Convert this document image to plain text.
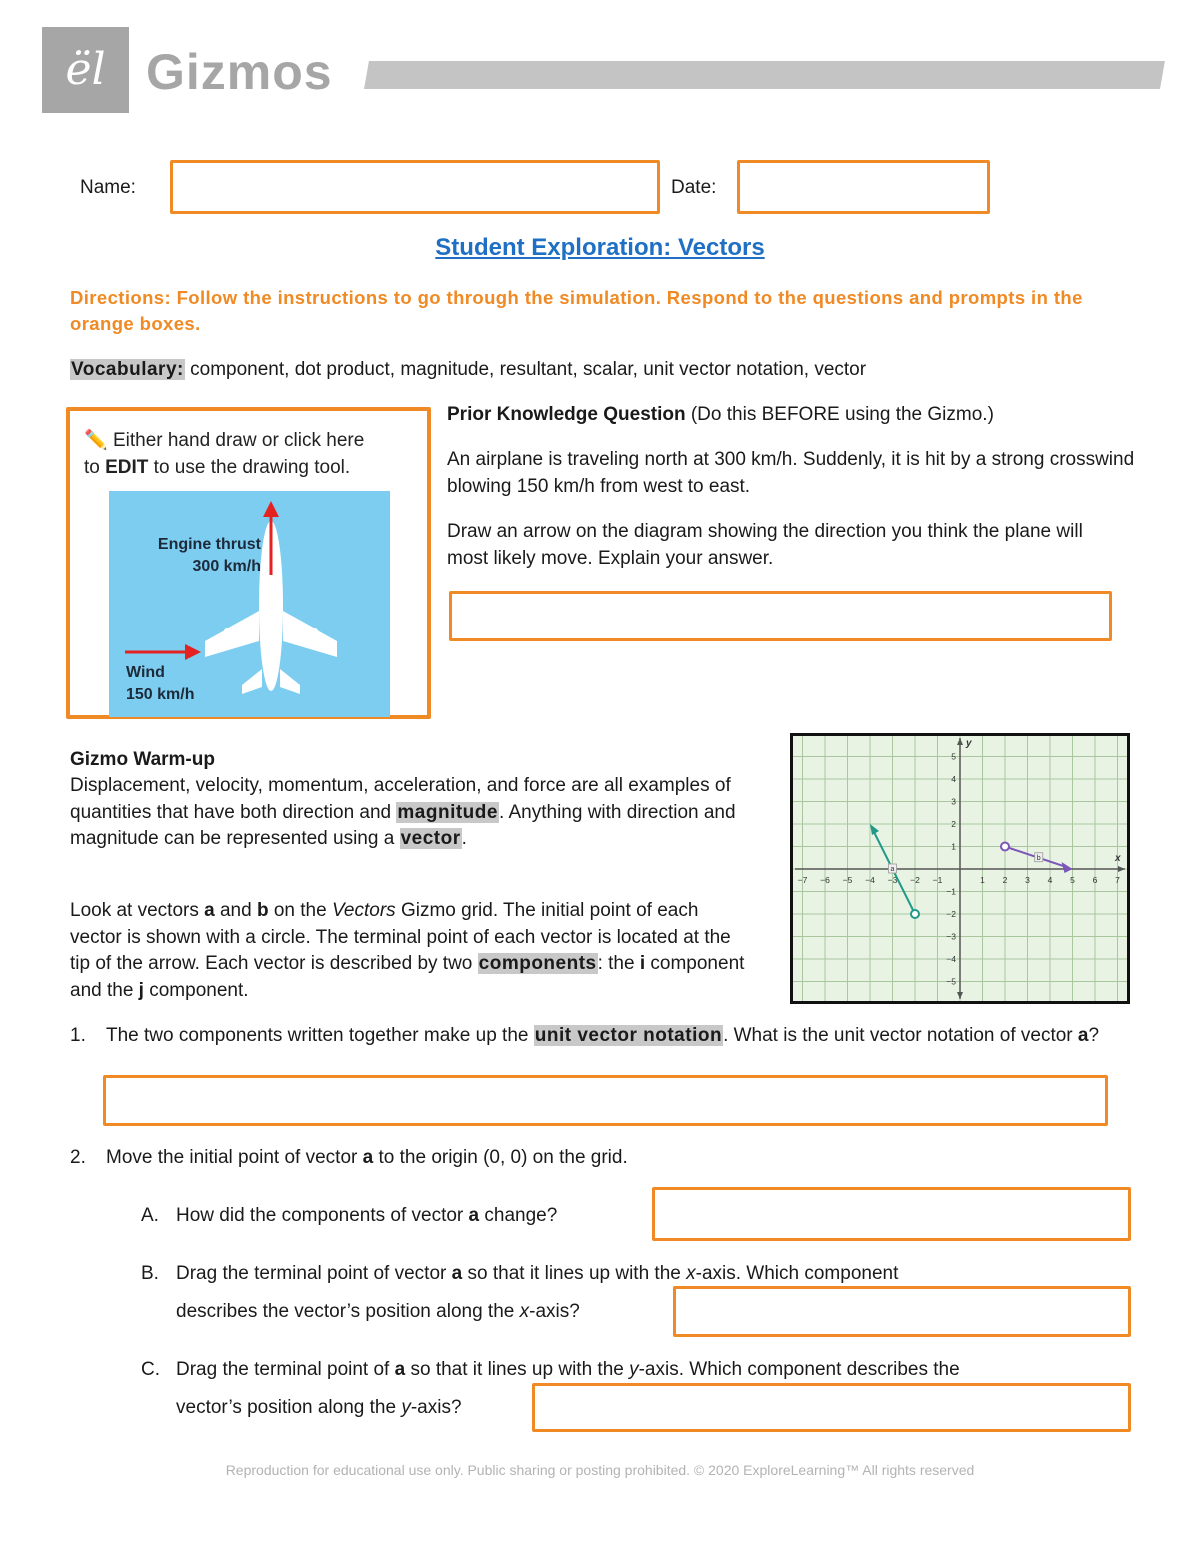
ël Gizmos
Name:	Date:
Student Exploration: Vectors
Directions: Follow the instructions to go through the simulation. Respond to the questions and prompts in the orange boxes.
Vocabulary: component, dot product, magnitude, resultant, scalar, unit vector notation, vector
✏️ Either hand draw or click here
to EDIT to use the drawing tool.
Engine thrust
300 km/h
Wind
150 km/h
Prior Knowledge Question (Do this BEFORE using the Gizmo.)
An airplane is traveling north at 300 km/h. Suddenly, it is hit by a strong crosswind blowing 150 km/h from west to east.
Draw an arrow on the diagram showing the direction you think the plane will most likely move. Explain your answer.
Gizmo Warm-up
Displacement, velocity, momentum, acceleration, and force are all examples of quantities that have both direction and magnitude. Anything with direction and magnitude can be represented using a vector.
Look at vectors a and b on the Vectors Gizmo grid. The initial point of each vector is shown with a circle. The terminal point of each vector is located at the tip of the arrow. Each vector is described by two components: the i component and the j component.
x
y
−7 −6 −5 −4 −3 −2 −1	1 2 3 4 5 6 7
5
4
3
2
1
−1
−2
−3
−4
−5
a
b
1. The two components written together make up the unit vector notation. What is the unit vector notation of vector a?
2. Move the initial point of vector a to the origin (0, 0) on the grid.
A. How did the components of vector a change?
B. Drag the terminal point of vector a so that it lines up with the x-axis. Which component
describes the vector’s position along the x-axis?
C. Drag the terminal point of a so that it lines up with the y-axis. Which component describes the
vector’s position along the y-axis?
Reproduction for educational use only. Public sharing or posting prohibited. © 2020 ExploreLearning™ All rights reserved
